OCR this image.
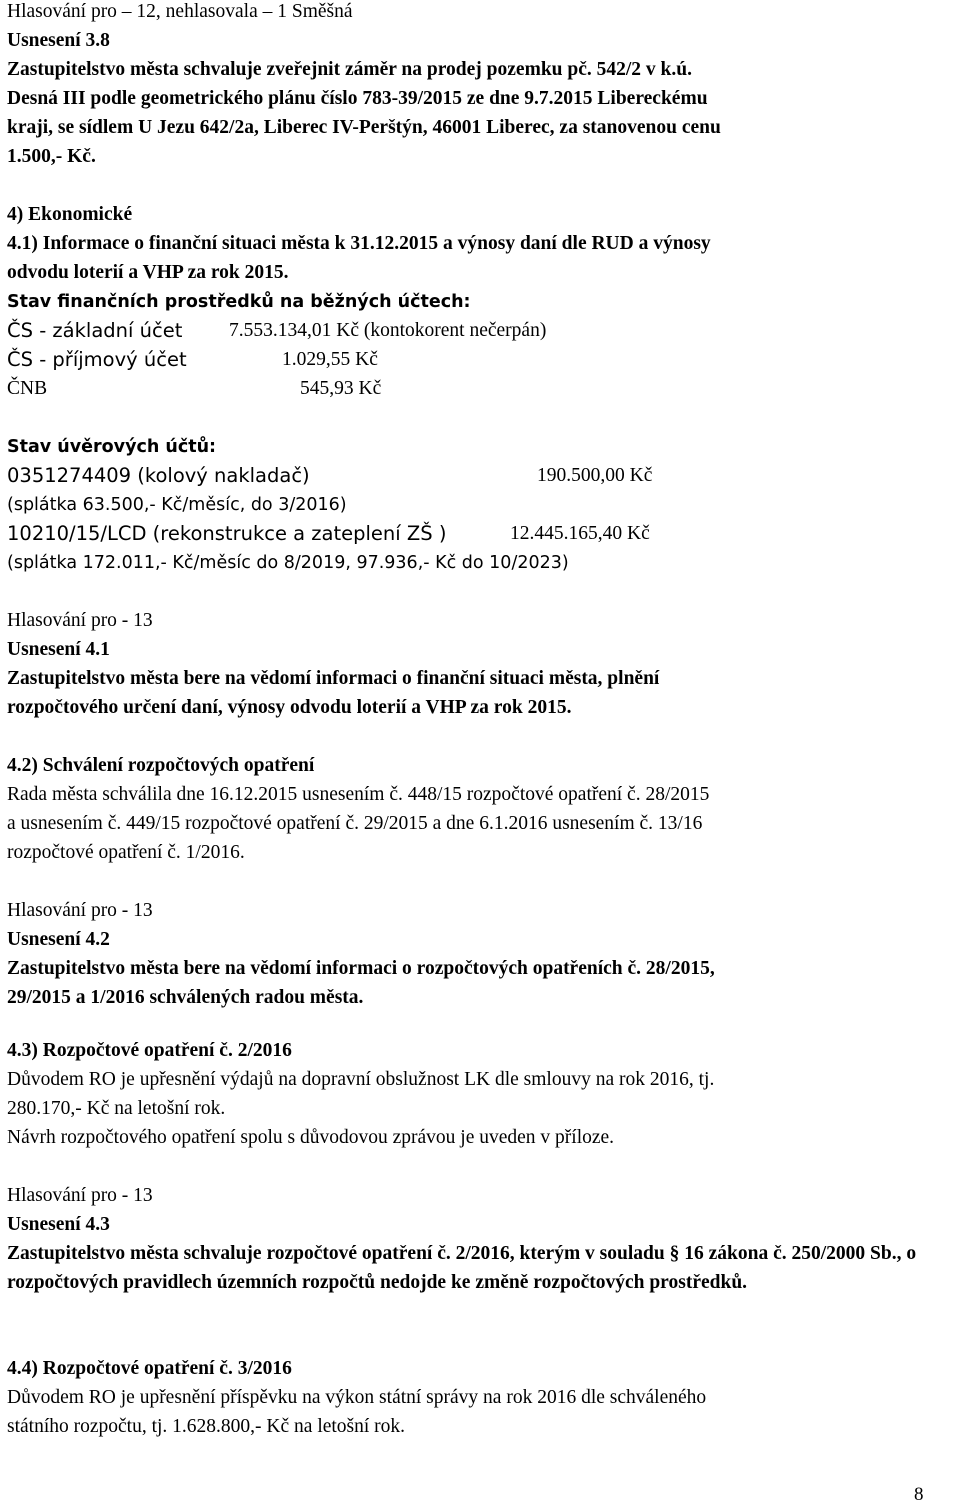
Hlasování pro – 12, nehlasovala – 1 Směšná
Usnesení 3.8
Zastupitelstvo města schvaluje zveřejnit záměr na prodej pozemku pč. 542/2 v k.ú.
Desná III podle geometrického plánu číslo 783-39/2015 ze dne 9.7.2015 Libereckému
kraji, se sídlem U Jezu 642/2a, Liberec IV-Perštýn, 46001 Liberec, za stanovenou cenu
1.500,- Kč.
4) Ekonomické
4.1) Informace o finanční situaci města k 31.12.2015 a výnosy daní dle RUD a výnosy
odvodu loterií a VHP za rok 2015.
Stav finančních prostředků na běžných účtech:
ČS - základní účet 7.553.134,01 Kč (kontokorent nečerpán)
ČS - příjmový účet	1.029,55 Kč
ČNB	545,93 Kč
Stav úvěrových účtů:
0351274409 (kolový nakladač)	190.500,00 Kč
(splátka 63.500,- Kč/měsíc, do 3/2016)
10210/15/LCD (rekonstrukce a zateplení ZŠ )	12.445.165,40 Kč
(splátka 172.011,- Kč/měsíc do 8/2019, 97.936,- Kč do 10/2023)
Hlasování pro - 13
Usnesení 4.1
Zastupitelstvo města bere na vědomí informaci o finanční situaci města, plnění
rozpočtového určení daní, výnosy odvodu loterií a VHP za rok 2015.
4.2) Schválení rozpočtových opatření
Rada města schválila dne 16.12.2015 usnesením č. 448/15 rozpočtové opatření č. 28/2015
a usnesením č. 449/15 rozpočtové opatření č. 29/2015 a dne 6.1.2016 usnesením č. 13/16
rozpočtové opatření č. 1/2016.
Hlasování pro - 13
Usnesení 4.2
Zastupitelstvo města bere na vědomí informaci o rozpočtových opatřeních č. 28/2015,
29/2015 a 1/2016 schválených radou města.
4.3) Rozpočtové opatření č. 2/2016
Důvodem RO je upřesnění výdajů na dopravní obslužnost LK dle smlouvy na rok 2016, tj.
280.170,- Kč na letošní rok.
Návrh rozpočtového opatření spolu s důvodovou zprávou je uveden v příloze.
Hlasování pro - 13
Usnesení 4.3
Zastupitelstvo města schvaluje rozpočtové opatření č. 2/2016, kterým v souladu § 16 zákona č. 250/2000 Sb., o rozpočtových pravidlech územních rozpočtů nedojde ke změně rozpočtových prostředků.
4.4) Rozpočtové opatření č. 3/2016
Důvodem RO je upřesnění příspěvku na výkon státní správy na rok 2016 dle schváleného
státního rozpočtu, tj. 1.628.800,- Kč na letošní rok.
8
